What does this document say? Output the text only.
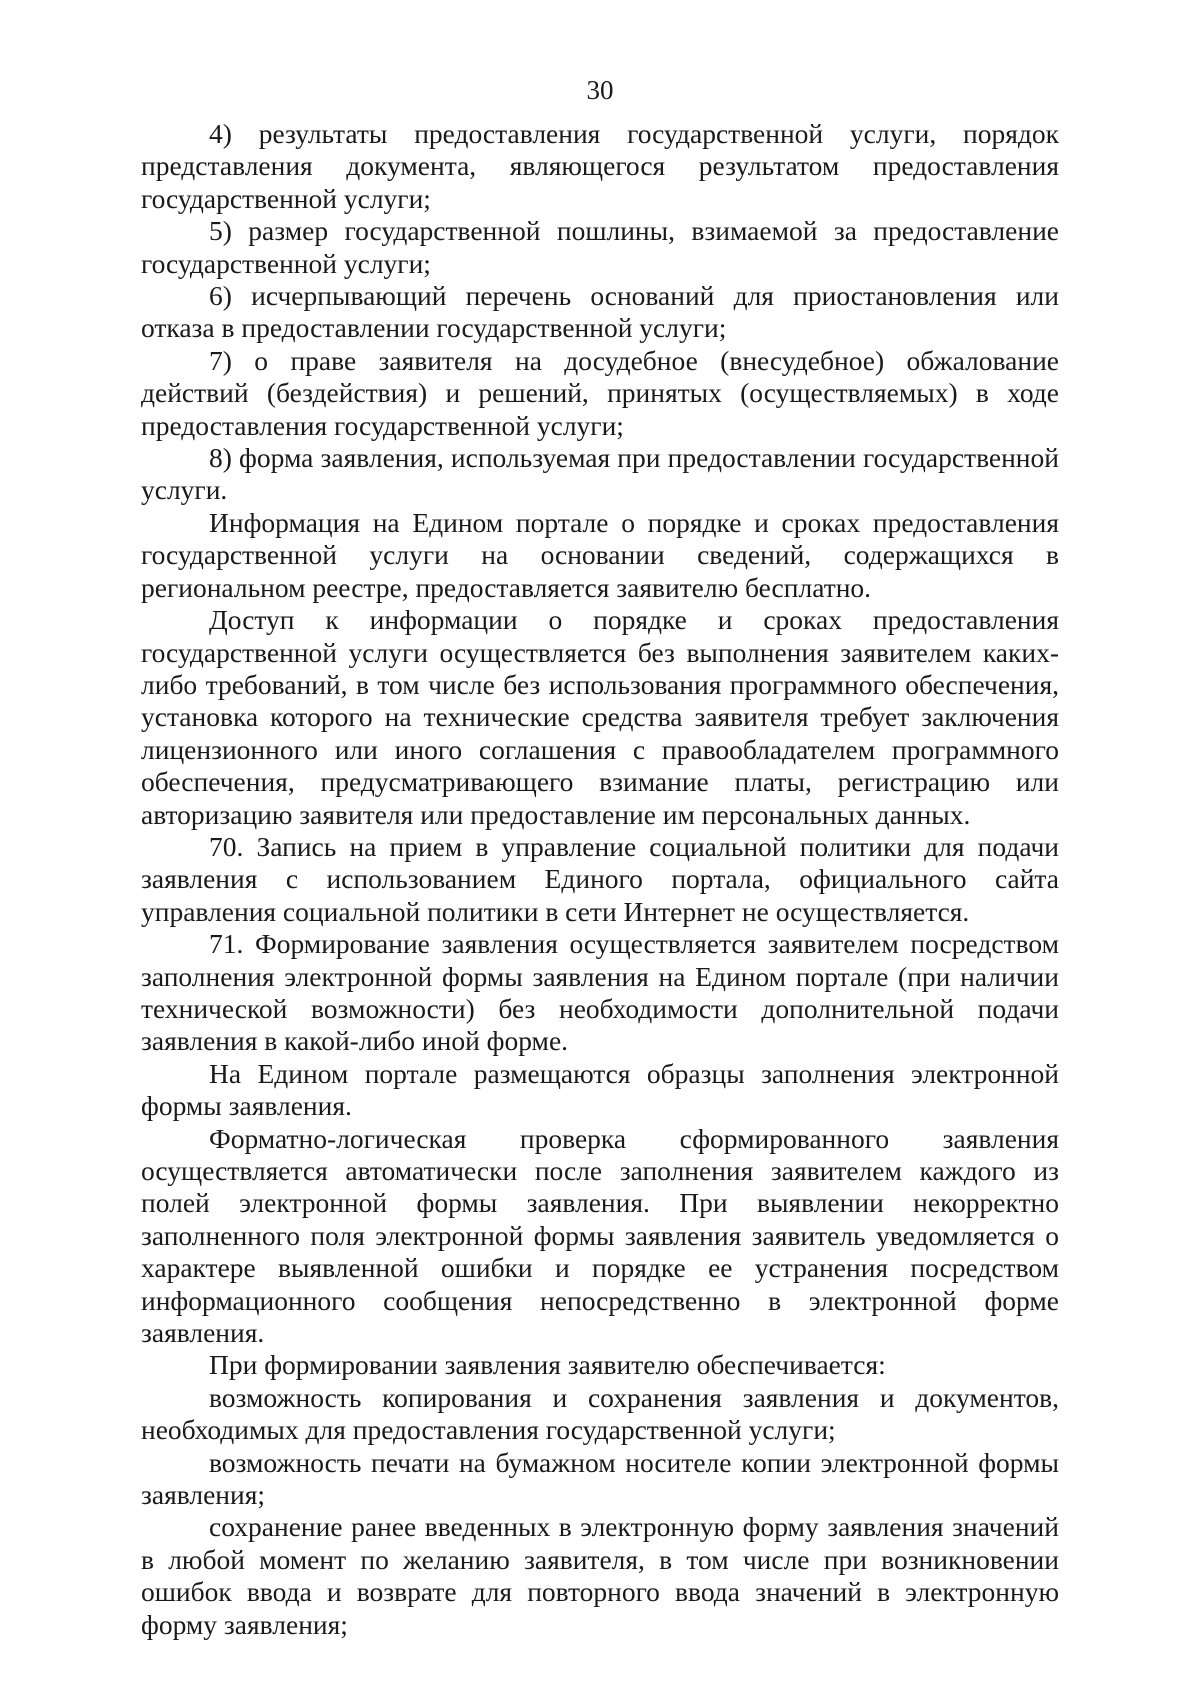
30

4) результаты предоставления государственной услуги, порядок представления документа, являющегося результатом предоставления государственной услуги;

5) размер государственной пошлины, взимаемой за предоставление государственной услуги;

6) исчерпывающий перечень оснований для приостановления или отказа в предоставлении государственной услуги;

7) о праве заявителя на досудебное (внесудебное) обжалование действий (бездействия) и решений, принятых (осуществляемых) в ходе предоставления государственной услуги;

8) форма заявления, используемая при предоставлении государственной услуги.

Информация на Едином портале о порядке и сроках предоставления государственной услуги на основании сведений, содержащихся в региональном реестре, предоставляется заявителю бесплатно.

Доступ к информации о порядке и сроках предоставления государственной услуги осуществляется без выполнения заявителем каких-либо требований, в том числе без использования программного обеспечения, установка которого на технические средства заявителя требует заключения лицензионного или иного соглашения с правообладателем программного обеспечения, предусматривающего взимание платы, регистрацию или авторизацию заявителя или предоставление им персональных данных.

70. Запись на прием в управление социальной политики для подачи заявления с использованием Единого портала, официального сайта управления социальной политики в сети Интернет не осуществляется.

71. Формирование заявления осуществляется заявителем посредством заполнения электронной формы заявления на Едином портале (при наличии технической возможности) без необходимости дополнительной подачи заявления в какой-либо иной форме.

На Едином портале размещаются образцы заполнения электронной формы заявления.

Форматно-логическая проверка сформированного заявления осуществляется автоматически после заполнения заявителем каждого из полей электронной формы заявления. При выявлении некорректно заполненного поля электронной формы заявления заявитель уведомляется о характере выявленной ошибки и порядке ее устранения посредством информационного сообщения непосредственно в электронной форме заявления.

При формировании заявления заявителю обеспечивается:

возможность копирования и сохранения заявления и документов, необходимых для предоставления государственной услуги;

возможность печати на бумажном носителе копии электронной формы заявления;

сохранение ранее введенных в электронную форму заявления значений в любой момент по желанию заявителя, в том числе при возникновении ошибок ввода и возврате для повторного ввода значений в электронную форму заявления;
